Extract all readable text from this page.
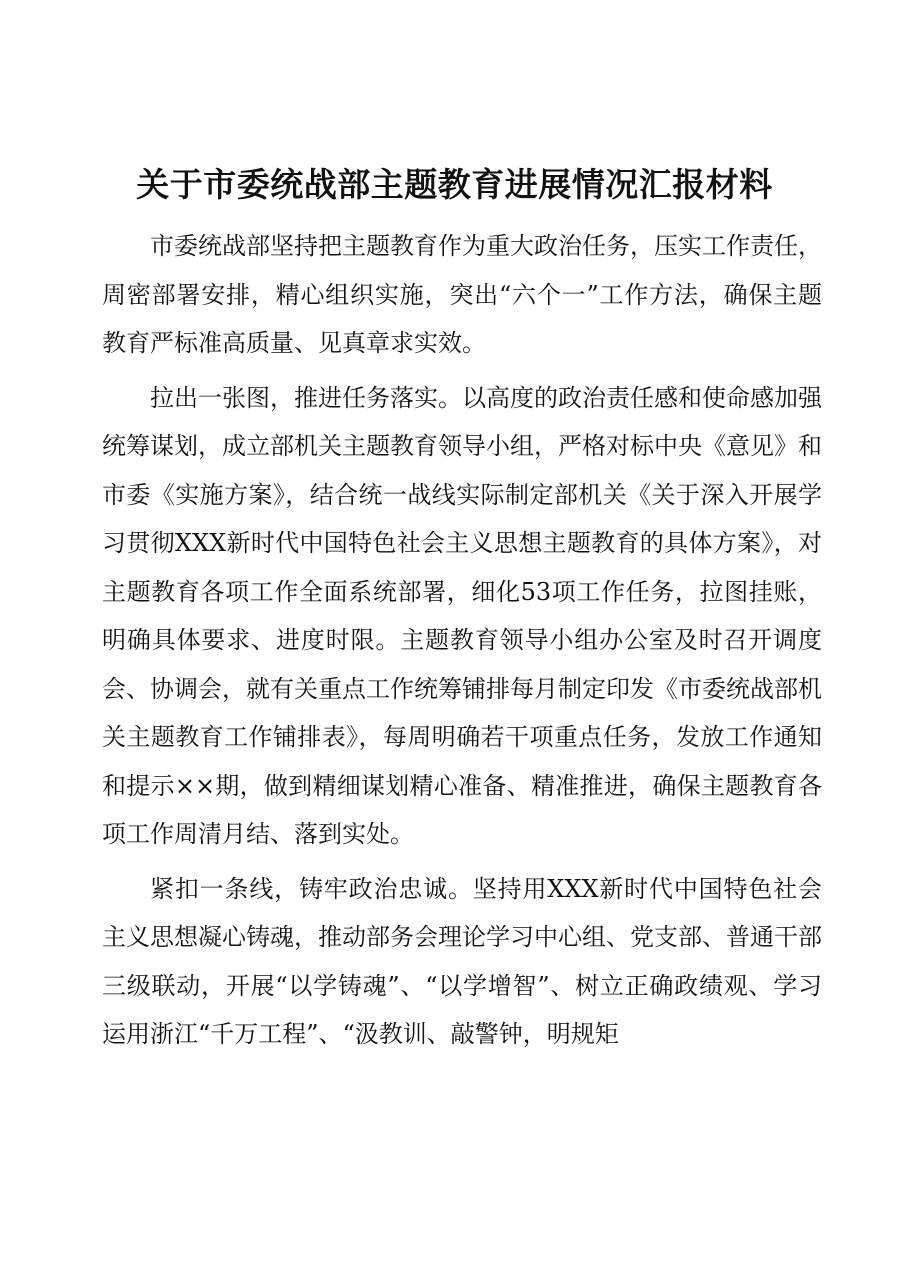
关于市委统战部主题教育进展情况汇报材料

市委统战部坚持把主题教育作为重大政治任务，压实工作责任，周密部署安排，精心组织实施，突出“六个一”工作方法，确保主题教育严标准高质量、见真章求实效。

拉出一张图，推进任务落实。以高度的政治责任感和使命感加强统筹谋划，成立部机关主题教育领导小组，严格对标中央《意见》和市委《实施方案》，结合统一战线实际制定部机关《关于深入开展学习贯彻XXX新时代中国特色社会主义思想主题教育的具体方案》，对主题教育各项工作全面系统部署，细化53项工作任务，拉图挂账，明确具体要求、进度时限。主题教育领导小组办公室及时召开调度会、协调会，就有关重点工作统筹铺排每月制定印发《市委统战部机关主题教育工作铺排表》，每周明确若干项重点任务，发放工作通知和提示××期，做到精细谋划精心准备、精准推进，确保主题教育各项工作周清月结、落到实处。

紧扣一条线，铸牢政治忠诚。坚持用XXX新时代中国特色社会主义思想凝心铸魂，推动部务会理论学习中心组、党支部、普通干部三级联动，开展“以学铸魂”、“以学增智”、树立正确政绩观、学习运用浙江“千万工程”、“汲教训、敲警钟，明规矩
